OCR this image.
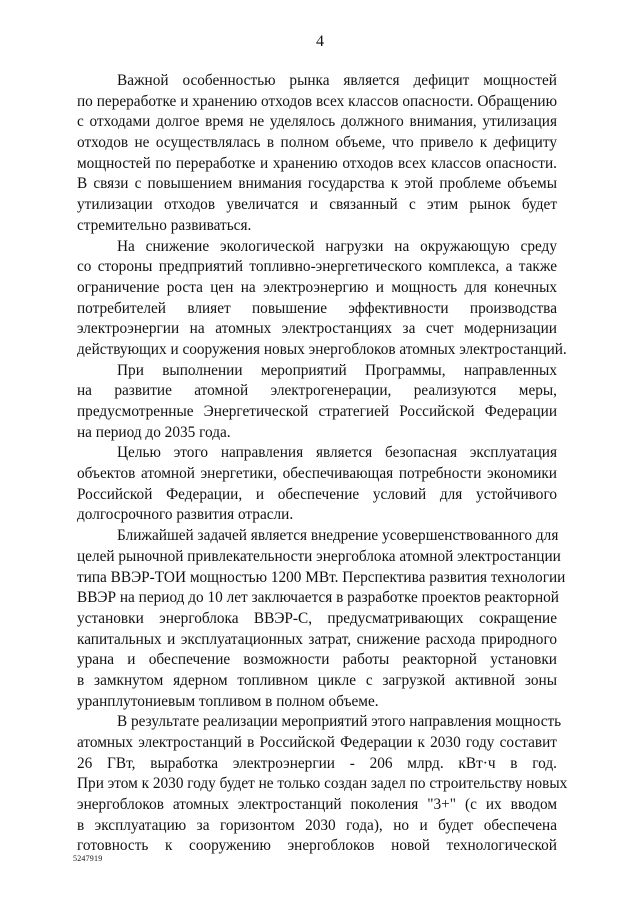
4
Важной особенностью рынка является дефицит мощностей
по переработке и хранению отходов всех классов опасности. Обращению
с отходами долгое время не уделялось должного внимания, утилизация
отходов не осуществлялась в полном объеме, что привело к дефициту
мощностей по переработке и хранению отходов всех классов опасности.
В связи с повышением внимания государства к этой проблеме объемы
утилизации отходов увеличатся и связанный с этим рынок будет
стремительно развиваться.
На снижение экологической нагрузки на окружающую среду
со стороны предприятий топливно-энергетического комплекса, а также
ограничение роста цен на электроэнергию и мощность для конечных
потребителей влияет повышение эффективности производства
электроэнергии на атомных электростанциях за счет модернизации
действующих и сооружения новых энергоблоков атомных электростанций.
При выполнении мероприятий Программы, направленных
на развитие атомной электрогенерации, реализуются меры,
предусмотренные Энергетической стратегией Российской Федерации
на период до 2035 года.
Целью этого направления является безопасная эксплуатация
объектов атомной энергетики, обеспечивающая потребности экономики
Российской Федерации, и обеспечение условий для устойчивого
долгосрочного развития отрасли.
Ближайшей задачей является внедрение усовершенствованного для
целей рыночной привлекательности энергоблока атомной электростанции
типа ВВЭР-ТОИ мощностью 1200 МВт. Перспектива развития технологии
ВВЭР на период до 10 лет заключается в разработке проектов реакторной
установки энергоблока ВВЭР-С, предусматривающих сокращение
капитальных и эксплуатационных затрат, снижение расхода природного
урана и обеспечение возможности работы реакторной установки
в замкнутом ядерном топливном цикле с загрузкой активной зоны
уранплутониевым топливом в полном объеме.
В результате реализации мероприятий этого направления мощность
атомных электростанций в Российской Федерации к 2030 году составит
26 ГВт, выработка электроэнергии - 206 млрд. кВт·ч в год.
При этом к 2030 году будет не только создан задел по строительству новых
энергоблоков атомных электростанций поколения "3+" (с их вводом
в эксплуатацию за горизонтом 2030 года), но и будет обеспечена
готовность к сооружению энергоблоков новой технологической
5247919
